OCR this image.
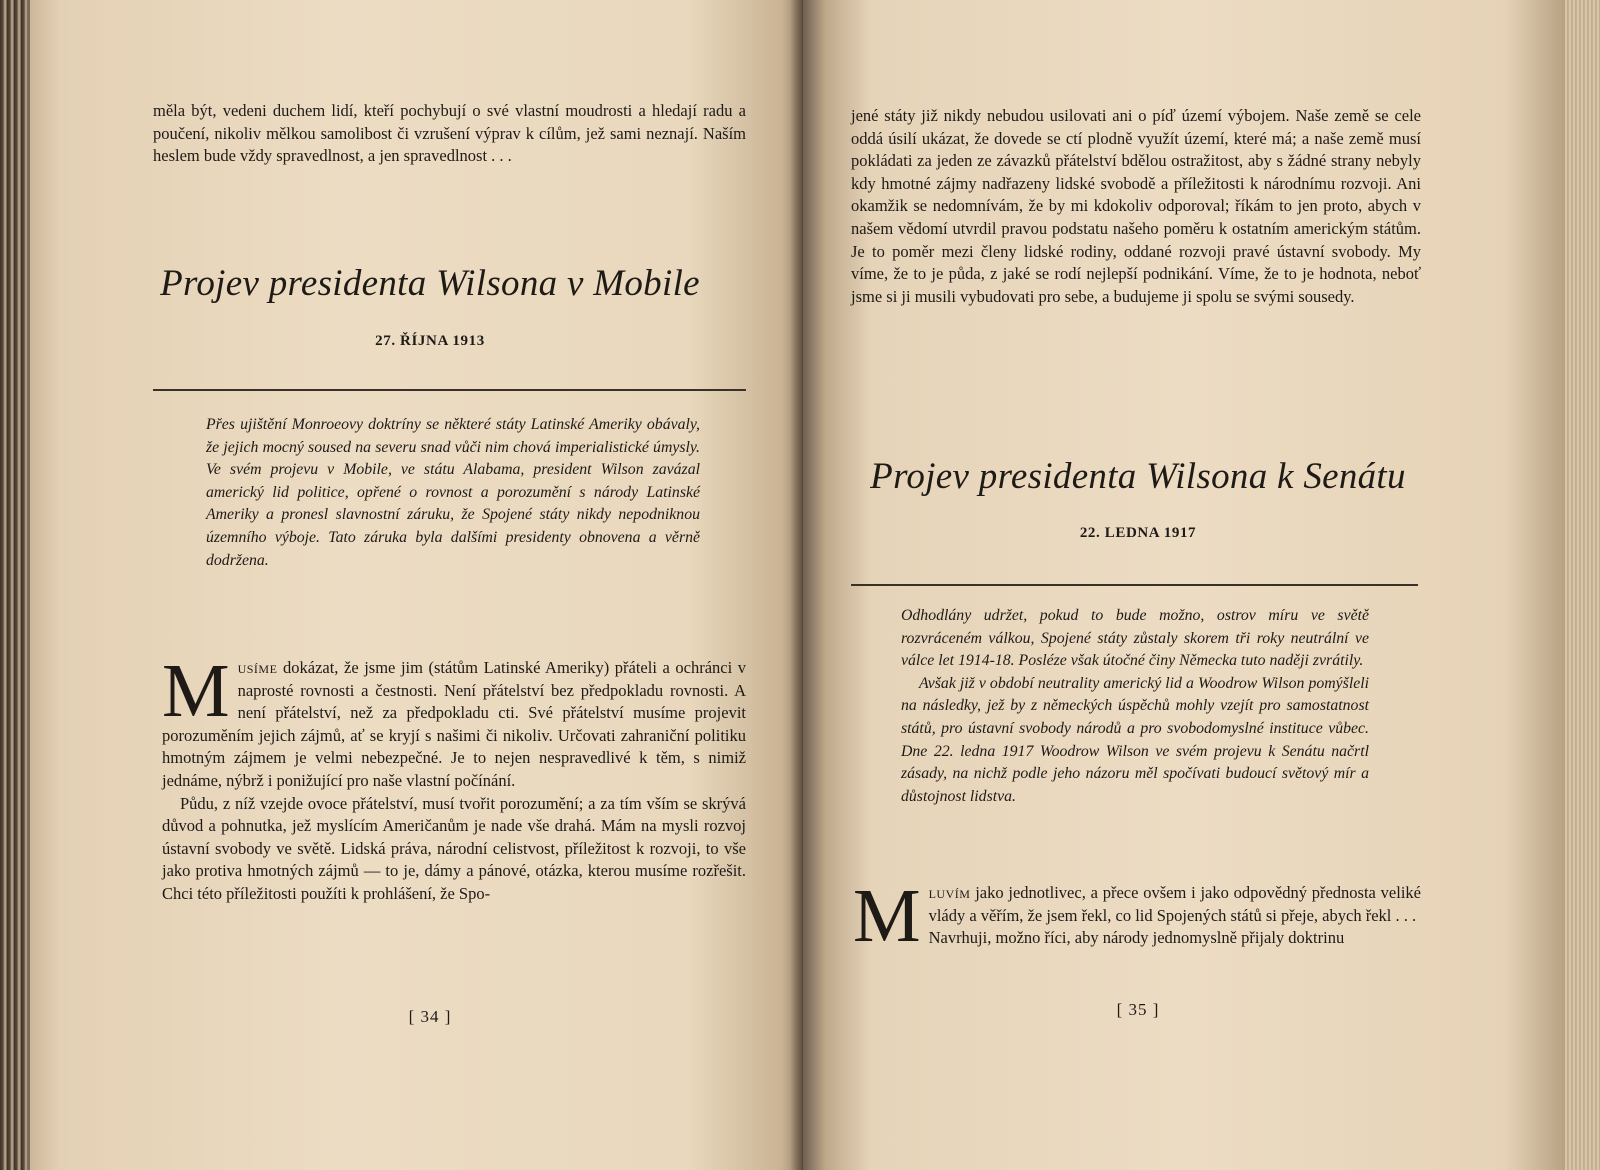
měla být, vedeni duchem lidí, kteří pochybují o své vlastní moudrosti a hledají radu a poučení, nikoliv mělkou samolibost či vzrušení výprav k cílům, jež sami neznají. Naším heslem bude vždy spravedlnost, a jen spravedlnost . . .

Projev presidenta Wilsona v Mobile

27. ŘÍJNA 1913

Přes ujištění Monroeovy doktríny se některé státy Latinské Ameriky obávaly, že jejich mocný soused na severu snad vůči nim chová imperialistické úmysly. Ve svém projevu v Mobile, ve státu Alabama, president Wilson zavázal americký lid politice, opřené o rovnost a porozumění s národy Latinské Ameriky a pronesl slavnostní záruku, že Spojené státy nikdy nepodniknou územního výboje. Tato záruka byla dalšími presidenty obnovena a věrně dodržena.

Musíme dokázat, že jsme jim (státům Latinské Ameriky) přáteli a ochránci v naprosté rovnosti a čestnosti. Není přátelství bez předpokladu rovnosti. A není přátelství, než za předpokladu cti. Své přátelství musíme projevit porozuměním jejich zájmů, ať se kryjí s našimi či nikoliv. Určovati zahraniční politiku hmotným zájmem je velmi nebezpečné. Je to nejen nespravedlivé k těm, s nimiž jednáme, nýbrž i ponižující pro naše vlastní počínání.

Půdu, z níž vzejde ovoce přátelství, musí tvořit porozumění; a za tím vším se skrývá důvod a pohnutka, jež myslícím Američanům je nade vše drahá. Mám na mysli rozvoj ústavní svobody ve světě. Lidská práva, národní celistvost, příležitost k rozvoji, to vše jako protiva hmotných zájmů — to je, dámy a pánové, otázka, kterou musíme rozřešit. Chci této příležitosti použíti k prohlášení, že Spo-

[ 34 ]

jené státy již nikdy nebudou usilovati ani o píď území výbojem. Naše země se cele oddá úsilí ukázat, že dovede se ctí plodně využít území, které má; a naše země musí pokládati za jeden ze závazků přátelství bdělou ostražitost, aby s žádné strany nebyly kdy hmotné zájmy nadřazeny lidské svobodě a příležitosti k národnímu rozvoji. Ani okamžik se nedomnívám, že by mi kdokoliv odporoval; říkám to jen proto, abych v našem vědomí utvrdil pravou podstatu našeho poměru k ostatním americkým státům. Je to poměr mezi členy lidské rodiny, oddané rozvoji pravé ústavní svobody. My víme, že to je půda, z jaké se rodí nejlepší podnikání. Víme, že to je hodnota, neboť jsme si ji musili vybudovati pro sebe, a budujeme ji spolu se svými sousedy.

Projev presidenta Wilsona k Senátu

22. LEDNA 1917

Odhodlány udržet, pokud to bude možno, ostrov míru ve světě rozvráceném válkou, Spojené státy zůstaly skorem tři roky neutrální ve válce let 1914-18. Posléze však útočné činy Německa tuto naději zvrátily.

Avšak již v období neutrality americký lid a Woodrow Wilson pomýšleli na následky, jež by z německých úspěchů mohly vzejít pro samostatnost států, pro ústavní svobody národů a pro svobodomyslné instituce vůbec. Dne 22. ledna 1917 Woodrow Wilson ve svém projevu k Senátu načrtl zásady, na nichž podle jeho názoru měl spočívati budoucí světový mír a důstojnost lidstva.

Mluvím jako jednotlivec, a přece ovšem i jako odpovědný přednosta veliké vlády a věřím, že jsem řekl, co lid Spojených států si přeje, abych řekl . . .

Navrhuji, možno říci, aby národy jednomyslně přijaly doktrinu

[ 35 ]
